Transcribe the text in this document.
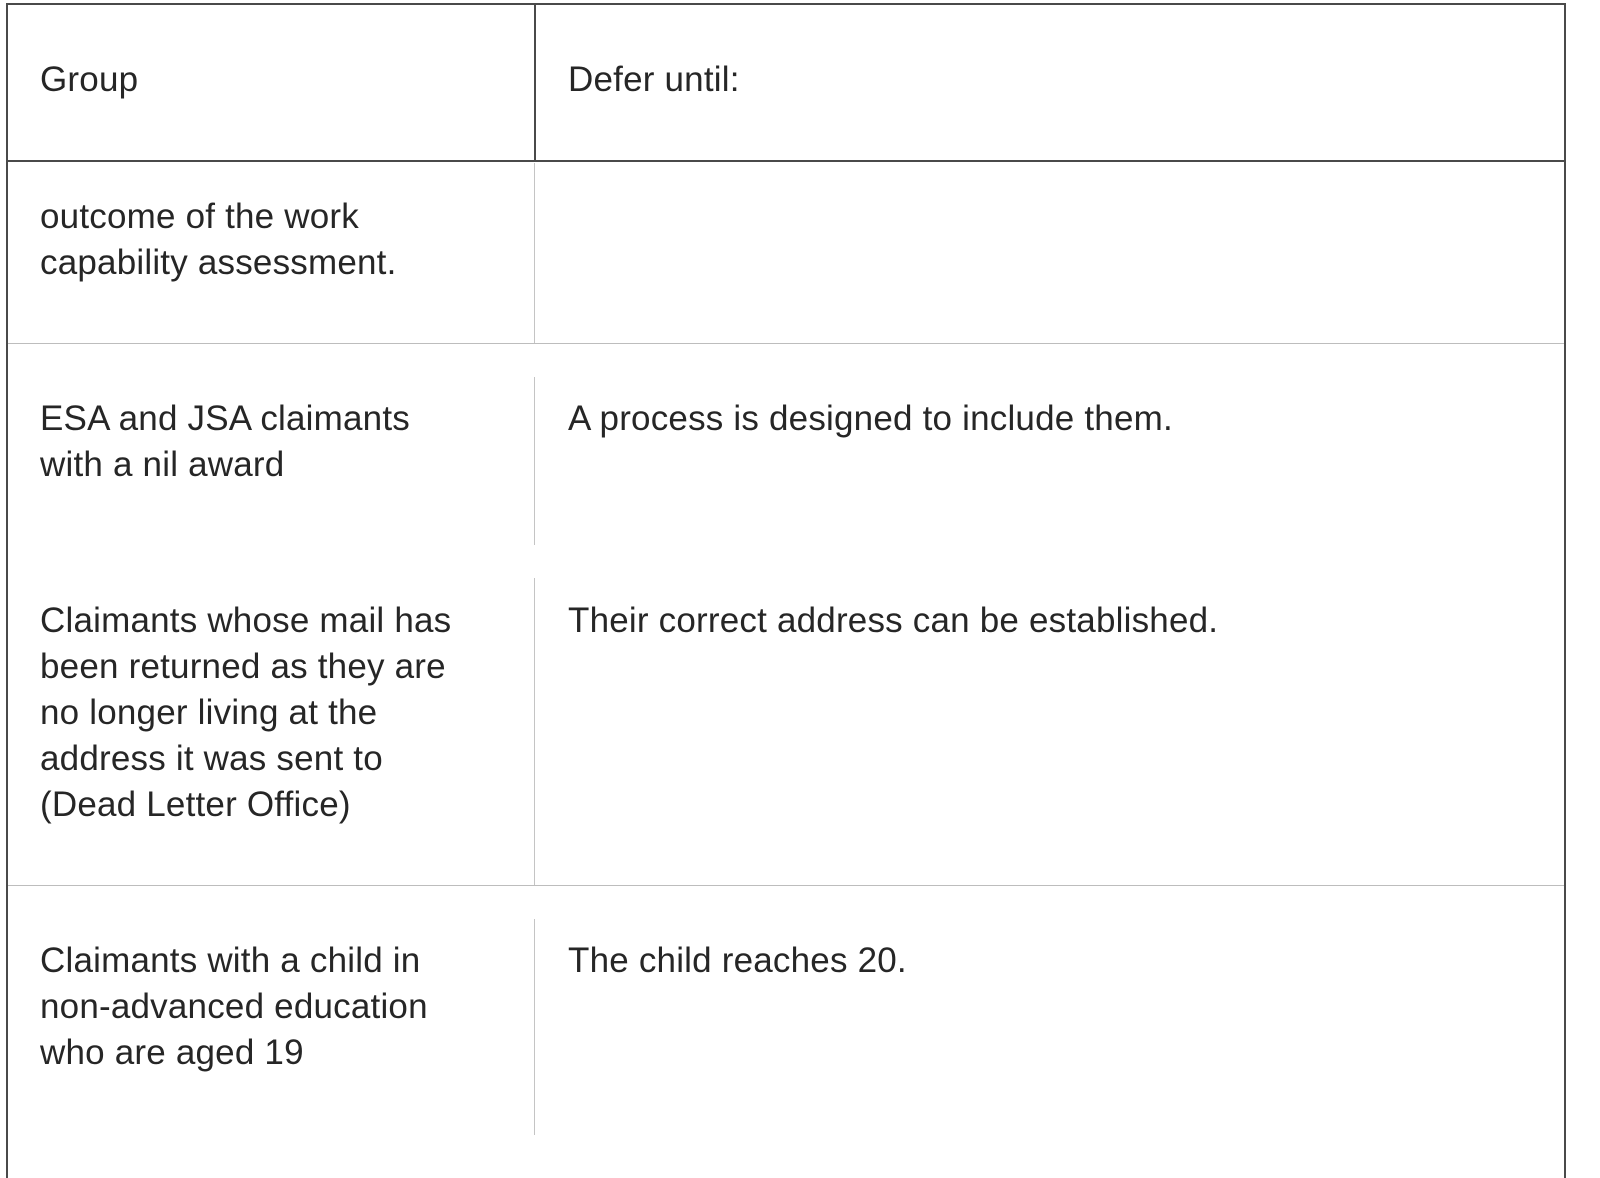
Group	Defer until:
outcome of the work
capability assessment.
ESA and JSA claimants
with a nil award
A process is designed to include them.
Claimants whose mail has
been returned as they are
no longer living at the
address it was sent to
(Dead Letter Office)
Their correct address can be established.
Claimants with a child in
non-advanced education
who are aged 19
The child reaches 20.
